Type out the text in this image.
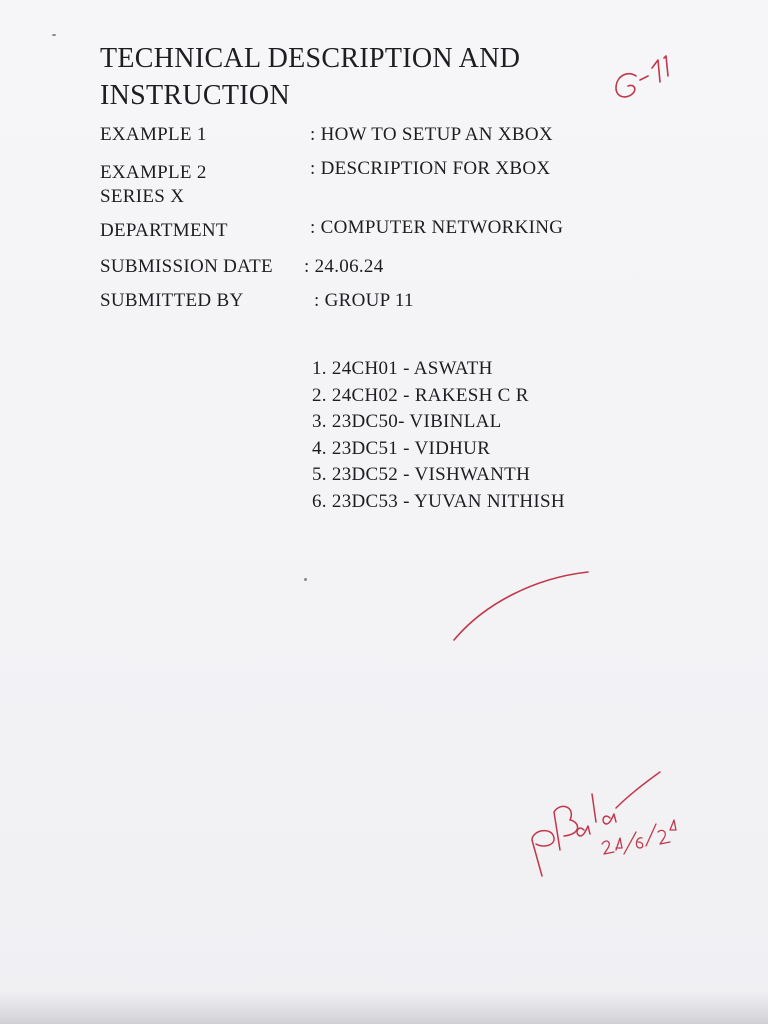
TECHNICAL DESCRIPTION AND
INSTRUCTION
EXAMPLE 1	: HOW TO SETUP AN XBOX
EXAMPLE 2	: DESCRIPTION FOR XBOX
SERIES X
DEPARTMENT	: COMPUTER NETWORKING
SUBMISSION DATE	: 24.06.24
SUBMITTED BY	: GROUP 11
1. 24CH01 - ASWATH
2. 24CH02 - RAKESH C R
3. 23DC50- VIBINLAL
4. 23DC51 - VIDHUR
5. 23DC52 - VISHWANTH
6. 23DC53 - YUVAN NITHISH
